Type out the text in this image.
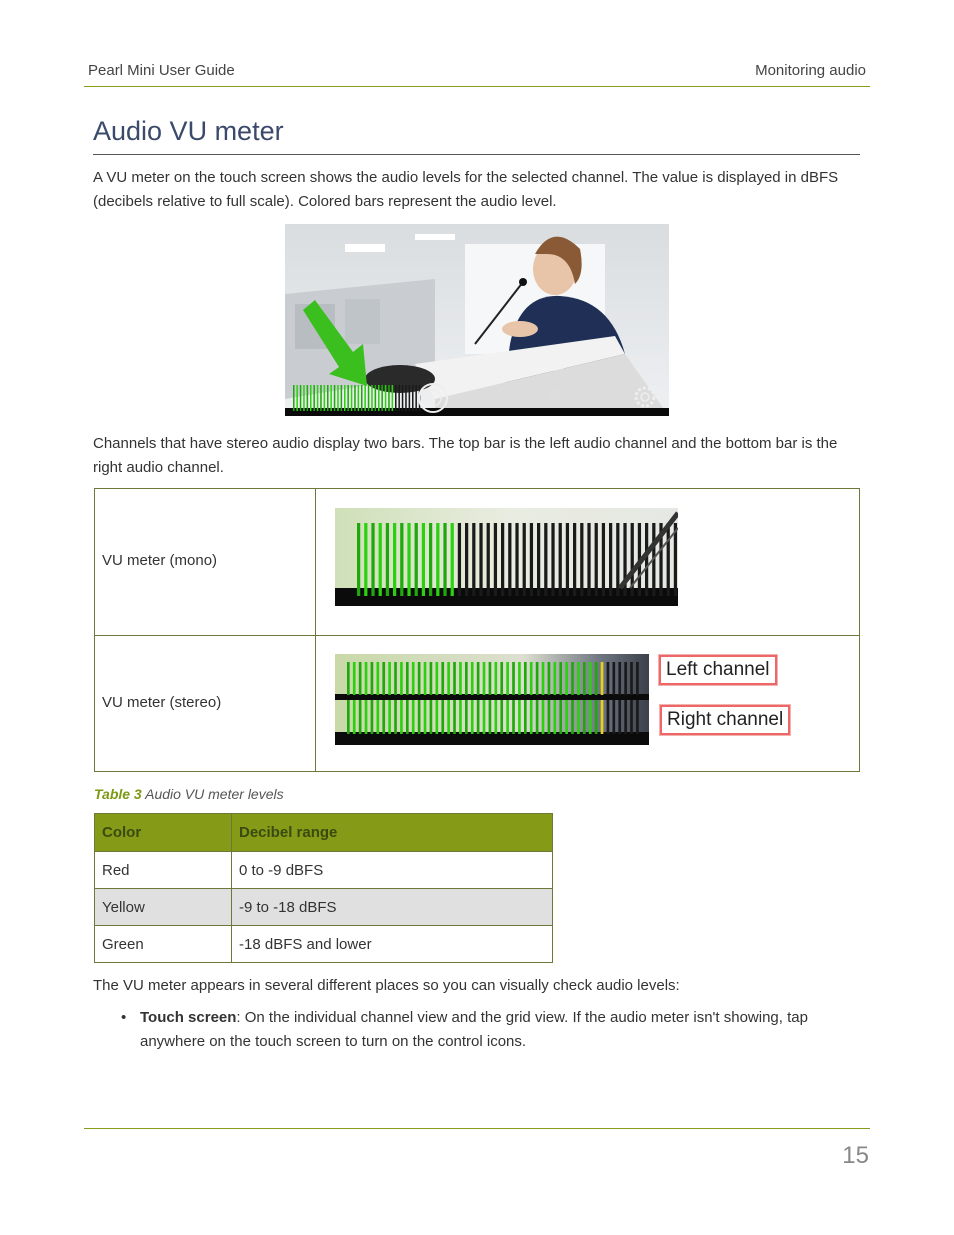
Pearl Mini User Guide	Monitoring audio
Audio VU meter

A VU meter on the touch screen shows the audio levels for the selected channel. The value is displayed in dBFS (decibels relative to full scale). Colored bars represent the audio level.

Channels that have stereo audio display two bars. The top bar is the left audio channel and the bottom bar is the right audio channel.

VU meter (mono)
VU meter (stereo)
Left channel
Right channel
Table 3 Audio VU meter levels
Color	Decibel range
Red	0 to -9 dBFS
Yellow	-9 to -18 dBFS
Green	-18 dBFS and lower

The VU meter appears in several different places so you can visually check audio levels:

• Touch screen: On the individual channel view and the grid view. If the audio meter isn't showing, tap anywhere on the touch screen to turn on the control icons.
15
